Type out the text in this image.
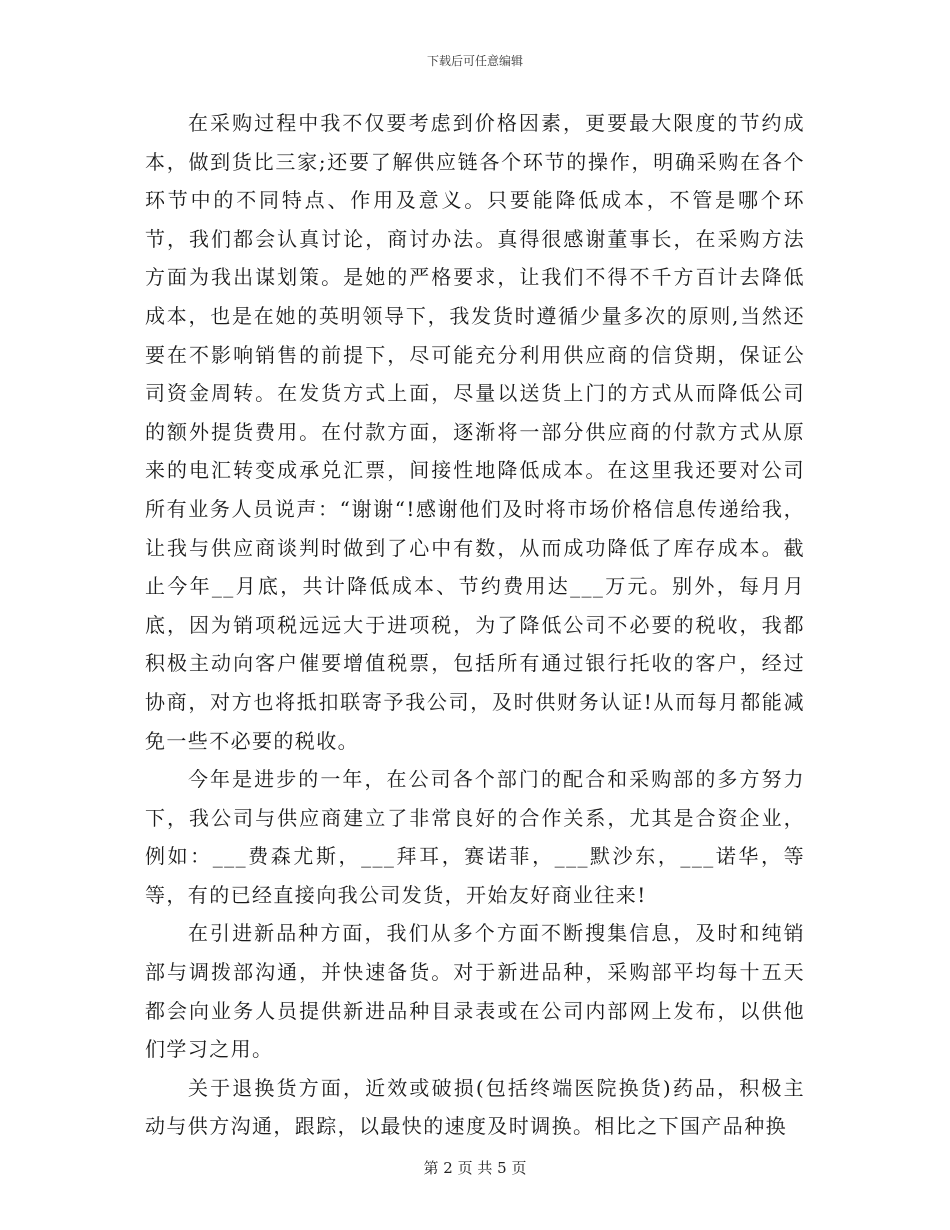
下载后可任意编辑

在采购过程中我不仅要考虑到价格因素，更要最大限度的节约成本，做到货比三家;还要了解供应链各个环节的操作，明确采购在各个环节中的不同特点、作用及意义。只要能降低成本，不管是哪个环节，我们都会认真讨论，商讨办法。真得很感谢董事长，在采购方法方面为我出谋划策。是她的严格要求，让我们不得不千方百计去降低成本，也是在她的英明领导下，我发货时遵循少量多次的原则,当然还要在不影响销售的前提下，尽可能充分利用供应商的信贷期，保证公司资金周转。在发货方式上面，尽量以送货上门的方式从而降低公司的额外提货费用。在付款方面，逐渐将一部分供应商的付款方式从原来的电汇转变成承兑汇票，间接性地降低成本。在这里我还要对公司所有业务人员说声：“谢谢“!感谢他们及时将市场价格信息传递给我，让我与供应商谈判时做到了心中有数，从而成功降低了库存成本。截止今年__月底，共计降低成本、节约费用达___万元。别外，每月月底，因为销项税远远大于进项税，为了降低公司不必要的税收，我都积极主动向客户催要增值税票，包括所有通过银行托收的客户，经过协商，对方也将抵扣联寄予我公司，及时供财务认证!从而每月都能减免一些不必要的税收。

今年是进步的一年，在公司各个部门的配合和采购部的多方努力下，我公司与供应商建立了非常良好的合作关系，尤其是合资企业，例如：___费森尤斯，___拜耳，赛诺菲，___默沙东，___诺华，等等，有的已经直接向我公司发货，开始友好商业往来!

在引进新品种方面，我们从多个方面不断搜集信息，及时和纯销部与调拨部沟通，并快速备货。对于新进品种，采购部平均每十五天都会向业务人员提供新进品种目录表或在公司内部网上发布，以供他们学习之用。

关于退换货方面，近效或破损(包括终端医院换货)药品，积极主动与供方沟通，跟踪，以最快的速度及时调换。相比之下国产品种换

第 2 页 共 5 页
